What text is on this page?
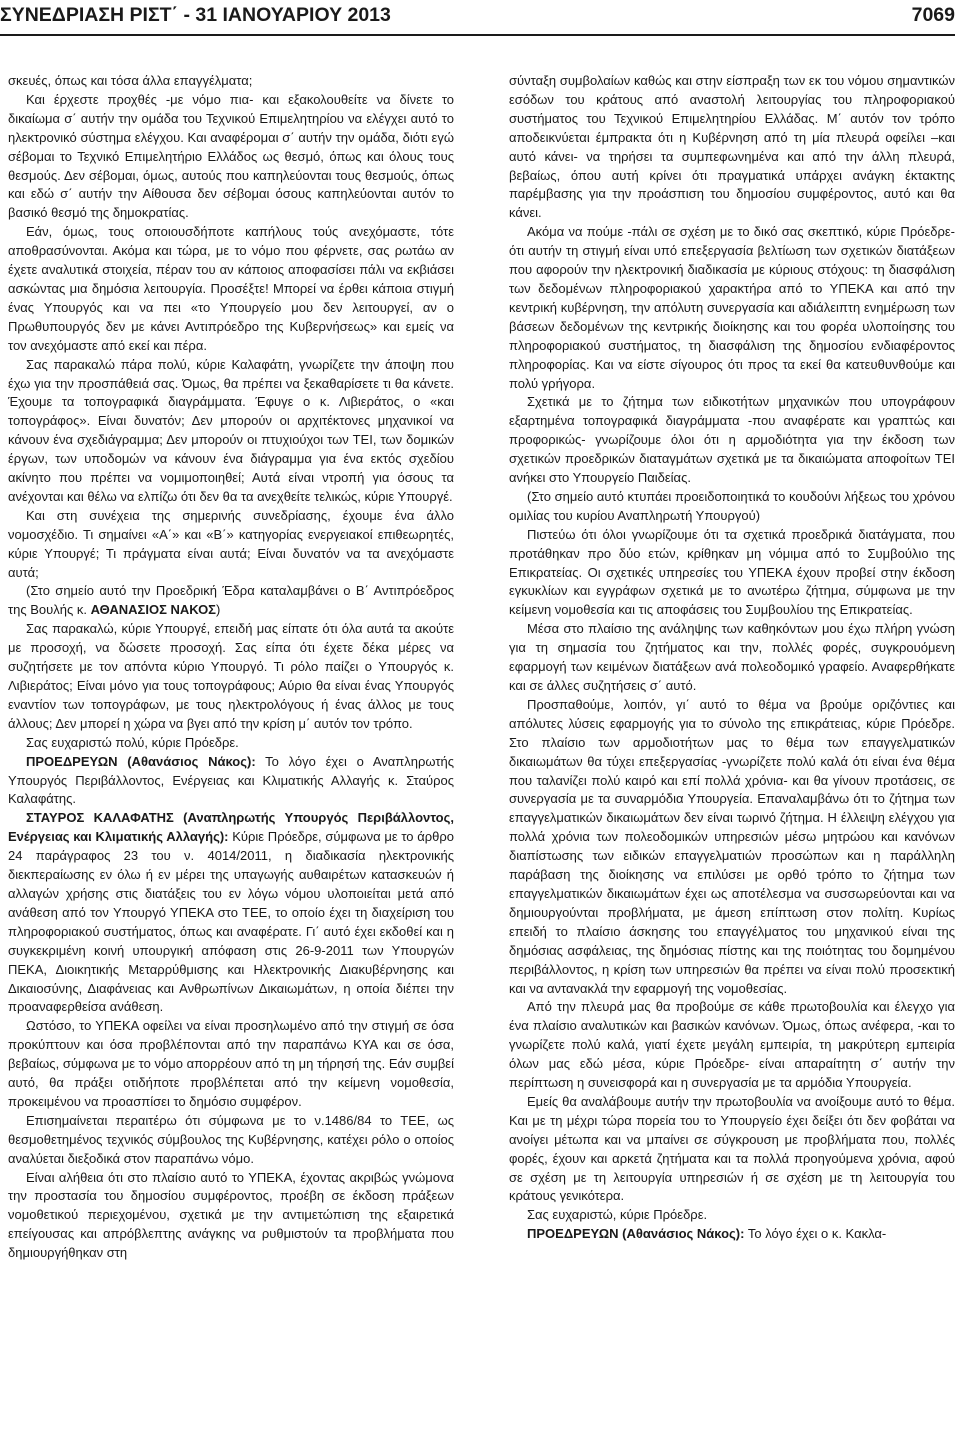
ΣΥΝΕΔΡΙΑΣΗ ΡΙΣΤ΄ - 31 ΙΑΝΟΥΑΡΙΟΥ 2013	7069

σκευές, όπως και τόσα άλλα επαγγέλματα;

Και έρχεστε προχθές -με νόμο πια- και εξακολουθείτε να δίνετε το δικαίωμα σ΄ αυτήν την ομάδα του Τεχνικού Επιμελητηρίου να ελέγχει αυτό το ηλεκτρονικό σύστημα ελέγχου. Και αναφέρομαι σ΄ αυτήν την ομάδα, διότι εγώ σέβομαι το Τεχνικό Επιμελητήριο Ελλάδος ως θεσμό, όπως και όλους τους θεσμούς. Δεν σέβομαι, όμως, αυτούς που καπηλεύονται τους θεσμούς, όπως και εδώ σ΄ αυτήν την Αίθουσα δεν σέβομαι όσους καπηλεύονται αυτόν το βασικό θεσμό της δημοκρατίας.

Εάν, όμως, τους οποιουσδήποτε καπήλους τούς ανεχόμαστε, τότε αποθρασύνονται. Ακόμα και τώρα, με το νόμο που φέρνετε, σας ρωτάω αν έχετε αναλυτικά στοιχεία, πέραν του αν κάποιος αποφασίσει πάλι να εκβιάσει ασκώντας μια δημόσια λειτουργία. Προσέξτε! Μπορεί να έρθει κάποια στιγμή ένας Υπουργός και να πει «το Υπουργείο μου δεν λειτουργεί, αν ο Πρωθυπουργός δεν με κάνει Αντιπρόεδρο της Κυβερνήσεως» και εμείς να τον ανεχόμαστε από εκεί και πέρα.

Σας παρακαλώ πάρα πολύ, κύριε Καλαφάτη, γνωρίζετε την άποψη που έχω για την προσπάθειά σας. Όμως, θα πρέπει να ξεκαθαρίσετε τι θα κάνετε. Έχουμε τα τοπογραφικά διαγράμματα. Έφυγε ο κ. Λιβιεράτος, ο «και τοπογράφος». Είναι δυνατόν; Δεν μπορούν οι αρχιτέκτονες μηχανικοί να κάνουν ένα σχεδιάγραμμα; Δεν μπορούν οι πτυχιούχοι των ΤΕΙ, των δομικών έργων, των υποδομών να κάνουν ένα διάγραμμα για ένα εκτός σχεδίου ακίνητο που πρέπει να νομιμοποιηθεί; Αυτά είναι ντροπή για όσους τα ανέχονται και θέλω να ελπίζω ότι δεν θα τα ανεχθείτε τελικώς, κύριε Υπουργέ.

Και στη συνέχεια της σημερινής συνεδρίασης, έχουμε ένα άλλο νομοσχέδιο. Τι σημαίνει «Α΄» και «Β΄» κατηγορίας ενεργειακοί επιθεωρητές, κύριε Υπουργέ; Τι πράγματα είναι αυτά; Είναι δυνατόν να τα ανεχόμαστε αυτά;

(Στο σημείο αυτό την Προεδρική Έδρα καταλαμβάνει ο Β΄ Αντιπρόεδρος της Βουλής κ. ΑΘΑΝΑΣΙΟΣ ΝΑΚΟΣ)

Σας παρακαλώ, κύριε Υπουργέ, επειδή μας είπατε ότι όλα αυτά τα ακούτε με προσοχή, να δώσετε προσοχή. Σας είπα ότι έχετε δέκα μέρες να συζητήσετε με τον απόντα κύριο Υπουργό. Τι ρόλο παίζει ο Υπουργός κ. Λιβιεράτος; Είναι μόνο για τους τοπογράφους; Αύριο θα είναι ένας Υπουργός εναντίον των τοπογράφων, με τους ηλεκτρολόγους ή ένας άλλος με τους άλλους; Δεν μπορεί η χώρα να βγει από την κρίση μ΄ αυτόν τον τρόπο.

Σας ευχαριστώ πολύ, κύριε Πρόεδρε.

ΠΡΟΕΔΡΕΥΩΝ (Αθανάσιος Νάκος): Το λόγο έχει ο Αναπληρωτής Υπουργός Περιβάλλοντος, Ενέργειας και Κλιματικής Αλλαγής κ. Σταύρος Καλαφάτης.

ΣΤΑΥΡΟΣ ΚΑΛΑΦΑΤΗΣ (Αναπληρωτής Υπουργός Περιβάλλοντος, Ενέργειας και Κλιματικής Αλλαγής): Κύριε Πρόεδρε, σύμφωνα με το άρθρο 24 παράγραφος 23 του ν. 4014/2011, η διαδικασία ηλεκτρονικής διεκπεραίωσης εν όλω ή εν μέρει της υπαγωγής αυθαιρέτων κατασκευών ή αλλαγών χρήσης στις διατάξεις του εν λόγω νόμου υλοποιείται μετά από ανάθεση από τον Υπουργό ΥΠΕΚΑ στο ΤΕΕ, το οποίο έχει τη διαχείριση του πληροφοριακού συστήματος, όπως και αναφέρατε. Γι΄ αυτό έχει εκδοθεί και η συγκεκριμένη κοινή υπουργική απόφαση στις 26-9-2011 των Υπουργών ΠΕΚΑ, Διοικητικής Μεταρρύθμισης και Ηλεκτρονικής Διακυβέρνησης και Δικαιοσύνης, Διαφάνειας και Ανθρωπίνων Δικαιωμάτων, η οποία διέπει την προαναφερθείσα ανάθεση.

Ωστόσο, το ΥΠΕΚΑ οφείλει να είναι προσηλωμένο από την στιγμή σε όσα προκύπτουν και όσα προβλέπονται από την παραπάνω ΚΥΑ και σε όσα, βεβαίως, σύμφωνα με το νόμο απορρέουν από τη μη τήρησή της. Εάν συμβεί αυτό, θα πράξει οτιδήποτε προβλέπεται από την κείμενη νομοθεσία, προκειμένου να προασπίσει το δημόσιο συμφέρον.

Επισημαίνεται περαιτέρω ότι σύμφωνα με το ν.1486/84 το ΤΕΕ, ως θεσμοθετημένος τεχνικός σύμβουλος της Κυβέρνησης, κατέχει ρόλο ο οποίος αναλύεται διεξοδικά στον παραπάνω νόμο.

Είναι αλήθεια ότι στο πλαίσιο αυτό το ΥΠΕΚΑ, έχοντας ακριβώς γνώμονα την προστασία του δημοσίου συμφέροντος, προέβη σε έκδοση πράξεων νομοθετικού περιεχομένου, σχετικά με την αντιμετώπιση της εξαιρετικά επείγουσας και απρόβλεπτης ανάγκης να ρυθμιστούν τα προβλήματα που δημιουργήθηκαν στη

σύνταξη συμβολαίων καθώς και στην είσπραξη των εκ του νόμου σημαντικών εσόδων του κράτους από αναστολή λειτουργίας του πληροφοριακού συστήματος του Τεχνικού Επιμελητηρίου Ελλάδας. Μ΄ αυτόν τον τρόπο αποδεικνύεται έμπρακτα ότι η Κυβέρνηση από τη μία πλευρά οφείλει –και αυτό κάνει- να τηρήσει τα συμπεφωνημένα και από την άλλη πλευρά, βεβαίως, όπου αυτή κρίνει ότι πραγματικά υπάρχει ανάγκη έκτακτης παρέμβασης για την προάσπιση του δημοσίου συμφέροντος, αυτό και θα κάνει.

Ακόμα να πούμε -πάλι σε σχέση με το δικό σας σκεπτικό, κύριε Πρόεδρε- ότι αυτήν τη στιγμή είναι υπό επεξεργασία βελτίωση των σχετικών διατάξεων που αφορούν την ηλεκτρονική διαδικασία με κύριους στόχους: τη διασφάλιση των δεδομένων πληροφοριακού χαρακτήρα από το ΥΠΕΚΑ και από την κεντρική κυβέρνηση, την απόλυτη συνεργασία και αδιάλειπτη ενημέρωση των βάσεων δεδομένων της κεντρικής διοίκησης και του φορέα υλοποίησης του πληροφοριακού συστήματος, τη διασφάλιση της δημοσίου ενδιαφέροντος πληροφορίας. Και να είστε σίγουρος ότι προς τα εκεί θα κατευθυνθούμε και πολύ γρήγορα.

Σχετικά με το ζήτημα των ειδικοτήτων μηχανικών που υπογράφουν εξαρτημένα τοπογραφικά διαγράμματα -που αναφέρατε και γραπτώς και προφορικώς- γνωρίζουμε όλοι ότι η αρμοδιότητα για την έκδοση των σχετικών προεδρικών διαταγμάτων σχετικά με τα δικαιώματα αποφοίτων ΤΕΙ ανήκει στο Υπουργείο Παιδείας.

(Στο σημείο αυτό κτυπάει προειδοποιητικά το κουδούνι λήξεως του χρόνου ομιλίας του κυρίου Αναπληρωτή Υπουργού)

Πιστεύω ότι όλοι γνωρίζουμε ότι τα σχετικά προεδρικά διατάγματα, που προτάθηκαν προ δύο ετών, κρίθηκαν μη νόμιμα από το Συμβούλιο της Επικρατείας. Οι σχετικές υπηρεσίες του ΥΠΕΚΑ έχουν προβεί στην έκδοση εγκυκλίων και εγγράφων σχετικά με το ανωτέρω ζήτημα, σύμφωνα με την κείμενη νομοθεσία και τις αποφάσεις του Συμβουλίου της Επικρατείας.

Μέσα στο πλαίσιο της ανάληψης των καθηκόντων μου έχω πλήρη γνώση για τη σημασία του ζητήματος και την, πολλές φορές, συγκρουόμενη εφαρμογή των κειμένων διατάξεων ανά πολεοδομικό γραφείο. Αναφερθήκατε και σε άλλες συζητήσεις σ΄ αυτό.

Προσπαθούμε, λοιπόν, γι΄ αυτό το θέμα να βρούμε οριζόντιες και απόλυτες λύσεις εφαρμογής για το σύνολο της επικράτειας, κύριε Πρόεδρε. Στο πλαίσιο των αρμοδιοτήτων μας το θέμα των επαγγελματικών δικαιωμάτων θα τύχει επεξεργασίας -γνωρίζετε πολύ καλά ότι είναι ένα θέμα που ταλανίζει πολύ καιρό και επί πολλά χρόνια- και θα γίνουν προτάσεις, σε συνεργασία με τα συναρμόδια Υπουργεία. Επαναλαμβάνω ότι το ζήτημα των επαγγελματικών δικαιωμάτων δεν είναι τωρινό ζήτημα. Η έλλειψη ελέγχου για πολλά χρόνια των πολεοδομικών υπηρεσιών μέσω μητρώου και κανόνων διαπίστωσης των ειδικών επαγγελματιών προσώπων και η παράλληλη παράβαση της διοίκησης να επιλύσει με ορθό τρόπο το ζήτημα των επαγγελματικών δικαιωμάτων έχει ως αποτέλεσμα να συσσωρεύονται και να δημιουργούνται προβλήματα, με άμεση επίπτωση στον πολίτη. Κυρίως επειδή το πλαίσιο άσκησης του επαγγέλματος του μηχανικού είναι της δημόσιας ασφάλειας, της δημόσιας πίστης και της ποιότητας του δομημένου περιβάλλοντος, η κρίση των υπηρεσιών θα πρέπει να είναι πολύ προσεκτική και να αντανακλά την εφαρμογή της νομοθεσίας.

Από την πλευρά μας θα προβούμε σε κάθε πρωτοβουλία και έλεγχο για ένα πλαίσιο αναλυτικών και βασικών κανόνων. Όμως, όπως ανέφερα, -και το γνωρίζετε πολύ καλά, γιατί έχετε μεγάλη εμπειρία, τη μακρύτερη εμπειρία όλων μας εδώ μέσα, κύριε Πρόεδρε- είναι απαραίτητη σ΄ αυτήν την περίπτωση η συνεισφορά και η συνεργασία με τα αρμόδια Υπουργεία.

Εμείς θα αναλάβουμε αυτήν την πρωτοβουλία να ανοίξουμε αυτό το θέμα. Και με τη μέχρι τώρα πορεία του το Υπουργείο έχει δείξει ότι δεν φοβάται να ανοίγει μέτωπα και να μπαίνει σε σύγκρουση με προβλήματα που, πολλές φορές, έχουν και αρκετά ζητήματα και τα πολλά προηγούμενα χρόνια, αφού σε σχέση με τη λειτουργία υπηρεσιών ή σε σχέση με τη λειτουργία του κράτους γενικότερα.

Σας ευχαριστώ, κύριε Πρόεδρε.

ΠΡΟΕΔΡΕΥΩΝ (Αθανάσιος Νάκος): Το λόγο έχει ο κ. Κακλα-
